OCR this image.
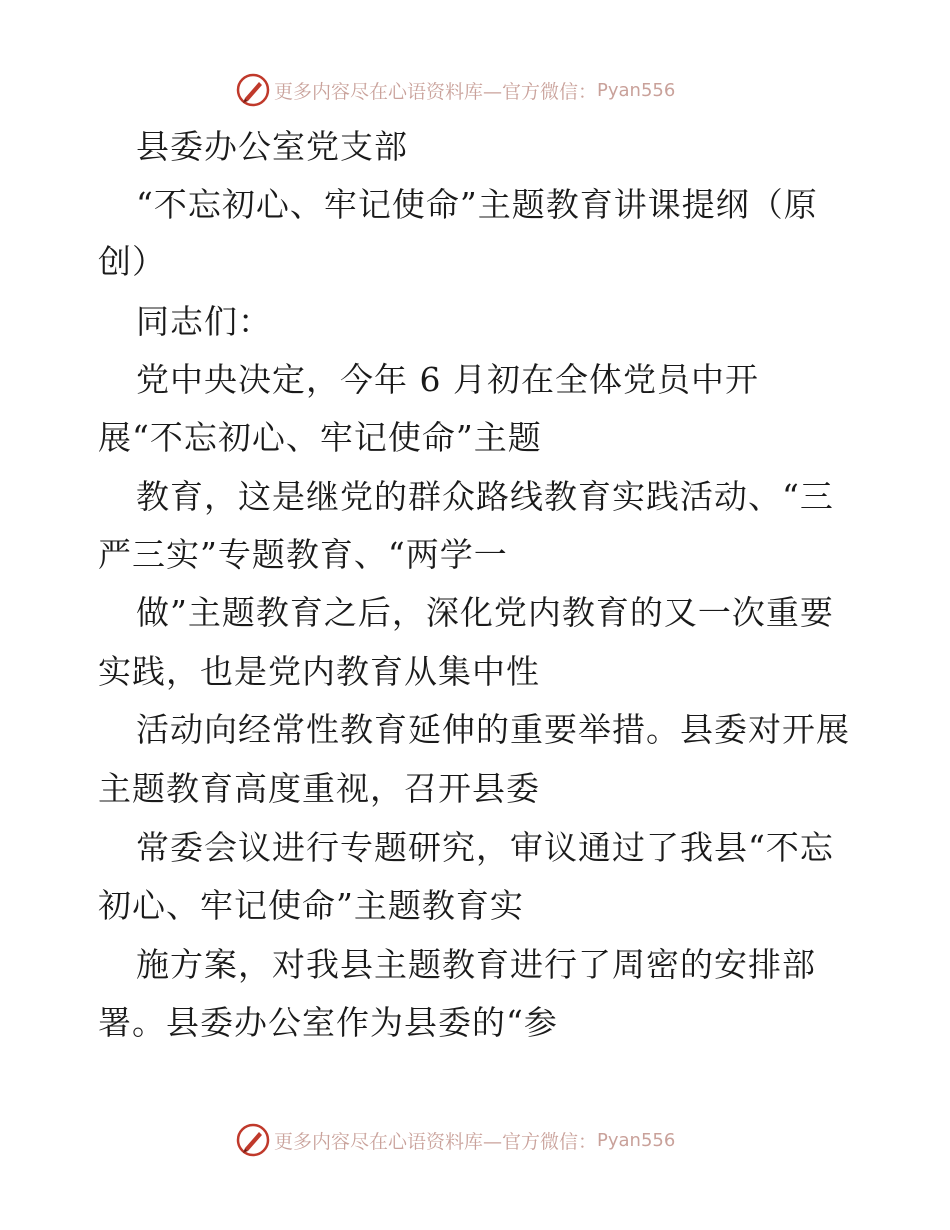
更多内容尽在心语资料库—官方微信： Pyan556
县委办公室党支部
“不忘初心、牢记使命”主题教育讲课提纲（原
创）
同志们：
党中央决定，今年 6 月初在全体党员中开
展“不忘初心、牢记使命”主题
教育，这是继党的群众路线教育实践活动、“三
严三实”专题教育、“两学一
做”主题教育之后，深化党内教育的又一次重要
实践，也是党内教育从集中性
活动向经常性教育延伸的重要举措。县委对开展
主题教育高度重视，召开县委
常委会议进行专题研究，审议通过了我县“不忘
初心、牢记使命”主题教育实
施方案，对我县主题教育进行了周密的安排部
署。县委办公室作为县委的“参
更多内容尽在心语资料库—官方微信： Pyan556
